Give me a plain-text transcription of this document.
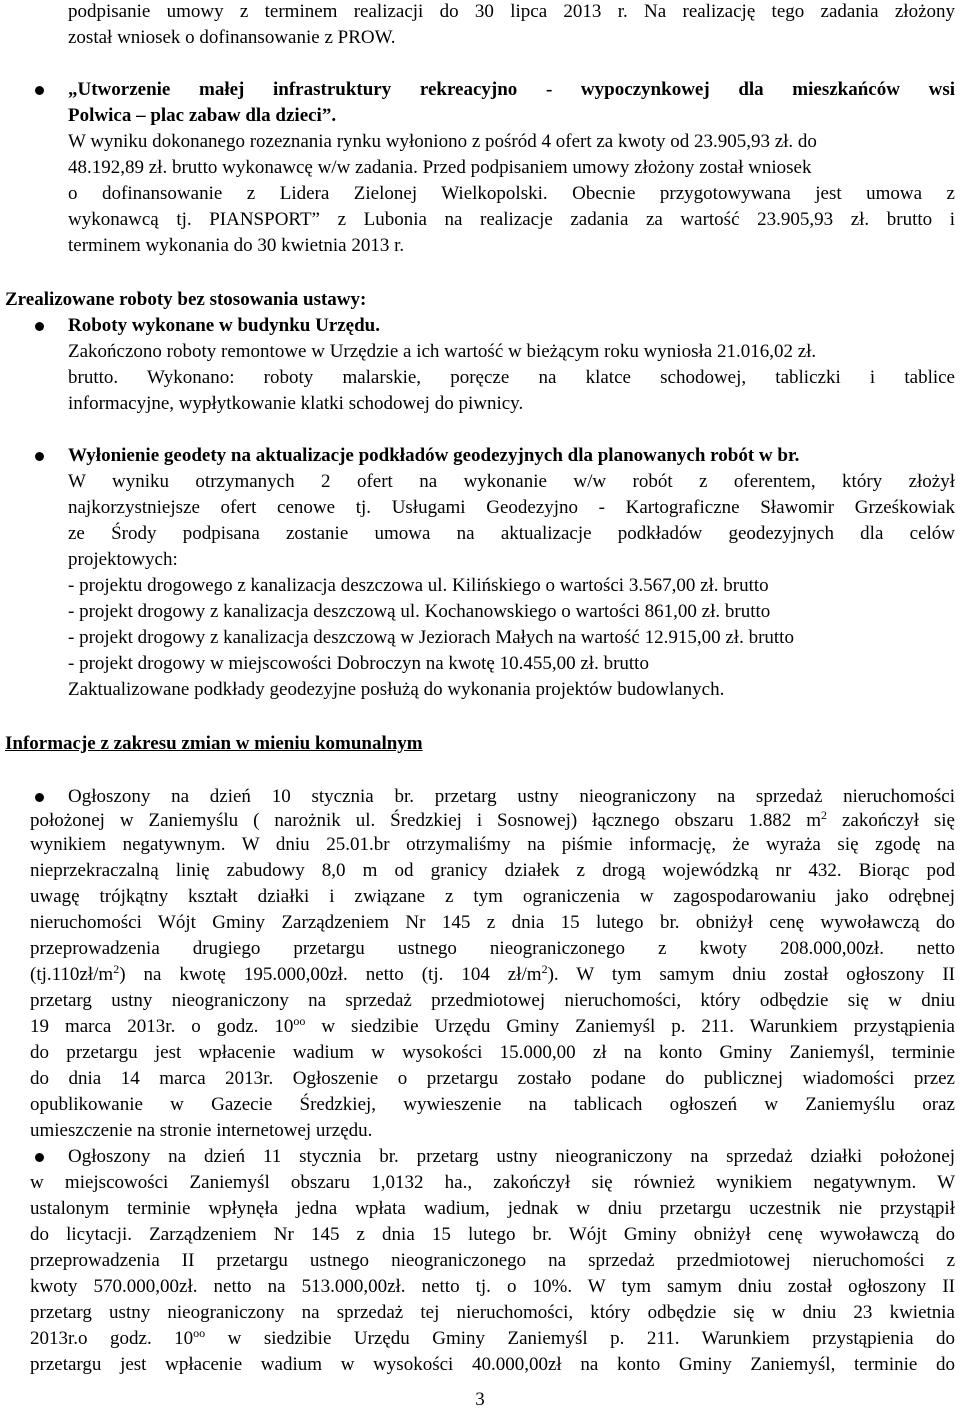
podpisanie umowy z terminem realizacji do 30 lipca 2013 r. Na realizację tego zadania złożony
został wniosek o dofinansowanie z PROW.
„Utworzenie małej infrastruktury rekreacyjno - wypoczynkowej dla mieszkańców wsi
Polwica – plac zabaw dla dzieci”.
W wyniku dokonanego rozeznania rynku wyłoniono z pośród 4 ofert za kwoty od 23.905,93 zł. do
48.192,89 zł. brutto wykonawcę w/w zadania. Przed podpisaniem umowy złożony został wniosek
o dofinansowanie z Lidera Zielonej Wielkopolski. Obecnie przygotowywana jest umowa z
wykonawcą tj. PIANSPORT” z Lubonia na realizacje zadania za wartość 23.905,93 zł. brutto i
terminem wykonania do 30 kwietnia 2013 r.
Zrealizowane roboty bez stosowania ustawy:
Roboty wykonane w budynku Urzędu.
Zakończono roboty remontowe w Urzędzie a ich wartość w bieżącym roku wyniosła 21.016,02 zł.
brutto. Wykonano: roboty malarskie, poręcze na klatce schodowej, tabliczki i tablice
informacyjne, wypłytkowanie klatki schodowej do piwnicy.
Wyłonienie geodety na aktualizacje podkładów geodezyjnych dla planowanych robót w br.
W wyniku otrzymanych 2 ofert na wykonanie w/w robót z oferentem, który złożył
najkorzystniejsze ofert cenowe tj. Usługami Geodezyjno - Kartograficzne Sławomir Grześkowiak
ze Środy podpisana zostanie umowa na aktualizacje podkładów geodezyjnych dla celów
projektowych:
- projektu drogowego z kanalizacja deszczowa ul. Kilińskiego o wartości 3.567,00 zł. brutto
- projekt drogowy z kanalizacja deszczową ul. Kochanowskiego o wartości 861,00 zł. brutto
- projekt drogowy z kanalizacja deszczową w Jeziorach Małych na wartość 12.915,00 zł. brutto
- projekt drogowy w miejscowości Dobroczyn na kwotę 10.455,00 zł. brutto
Zaktualizowane podkłady geodezyjne posłużą do wykonania projektów budowlanych.
Informacje z zakresu zmian w mieniu komunalnym
Ogłoszony na dzień 10 stycznia br. przetarg ustny nieograniczony na sprzedaż nieruchomości
położonej w Zaniemyślu ( narożnik ul. Średzkiej i Sosnowej) łącznego obszaru 1.882 $m^2$ zakończył się
wynikiem negatywnym. W dniu 25.01.br otrzymaliśmy na piśmie informację, że wyraża się zgodę na
nieprzekraczalną linię zabudowy 8,0 m od granicy działek z drogą wojewódzką nr 432. Biorąc pod
uwagę trójkątny kształt działki i związane z tym ograniczenia w zagospodarowaniu jako odrębnej
nieruchomości Wójt Gminy Zarządzeniem Nr 145 z dnia 15 lutego br. obniżył cenę wywoławczą do
przeprowadzenia drugiego przetargu ustnego nieograniczonego z kwoty 208.000,00zł. netto
$(tj.110zł/m^2)$ na kwotę 195.000,00zł. netto (tj. 104 $zł/m^2$). W tym samym dniu został ogłoszony II
przetarg ustny nieograniczony na sprzedaż przedmiotowej nieruchomości, który odbędzie się w dniu
19 marca 2013r. o godz. $10^{oo}$ w siedzibie Urzędu Gminy Zaniemyśl p. 211. Warunkiem przystąpienia
do przetargu jest wpłacenie wadium w wysokości 15.000,00 zł na konto Gminy Zaniemyśl, terminie
do dnia 14 marca 2013r. Ogłoszenie o przetargu zostało podane do publicznej wiadomości przez
opublikowanie w Gazecie Średzkiej, wywieszenie na tablicach ogłoszeń w Zaniemyślu oraz
umieszczenie na stronie internetowej urzędu.
Ogłoszony na dzień 11 stycznia br. przetarg ustny nieograniczony na sprzedaż działki położonej
w miejscowości Zaniemyśl obszaru 1,0132 ha., zakończył się również wynikiem negatywnym. W
ustalonym terminie wpłynęła jedna wpłata wadium, jednak w dniu przetargu uczestnik nie przystąpił
do licytacji. Zarządzeniem Nr 145 z dnia 15 lutego br. Wójt Gminy obniżył cenę wywoławczą do
przeprowadzenia II przetargu ustnego nieograniczonego na sprzedaż przedmiotowej nieruchomości z
kwoty 570.000,00zł. netto na 513.000,00zł. netto tj. o 10%. W tym samym dniu został ogłoszony II
przetarg ustny nieograniczony na sprzedaż tej nieruchomości, który odbędzie się w dniu 23 kwietnia
2013r.o godz. $10^{oo}$ w siedzibie Urzędu Gminy Zaniemyśl p. 211. Warunkiem przystąpienia do
przetargu jest wpłacenie wadium w wysokości 40.000,00zł na konto Gminy Zaniemyśl, terminie do
3
